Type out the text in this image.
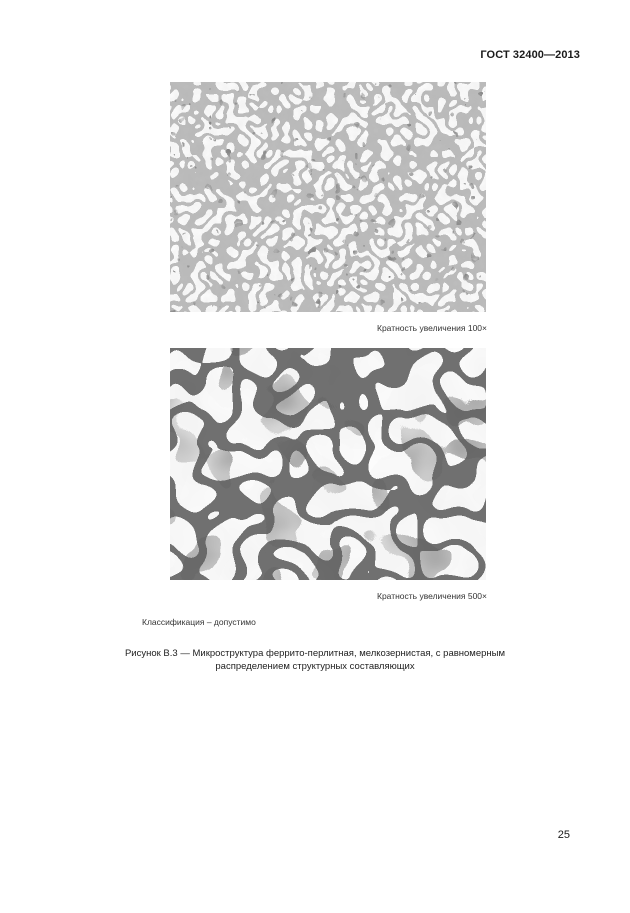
ГОСТ 32400—2013
Кратность увеличения 100×
Кратность увеличения 500×
Классификация – допустимо
Рисунок В.3 — Микроструктура феррито-перлитная, мелкозернистая, с равномерным
распределением структурных составляющих
25
